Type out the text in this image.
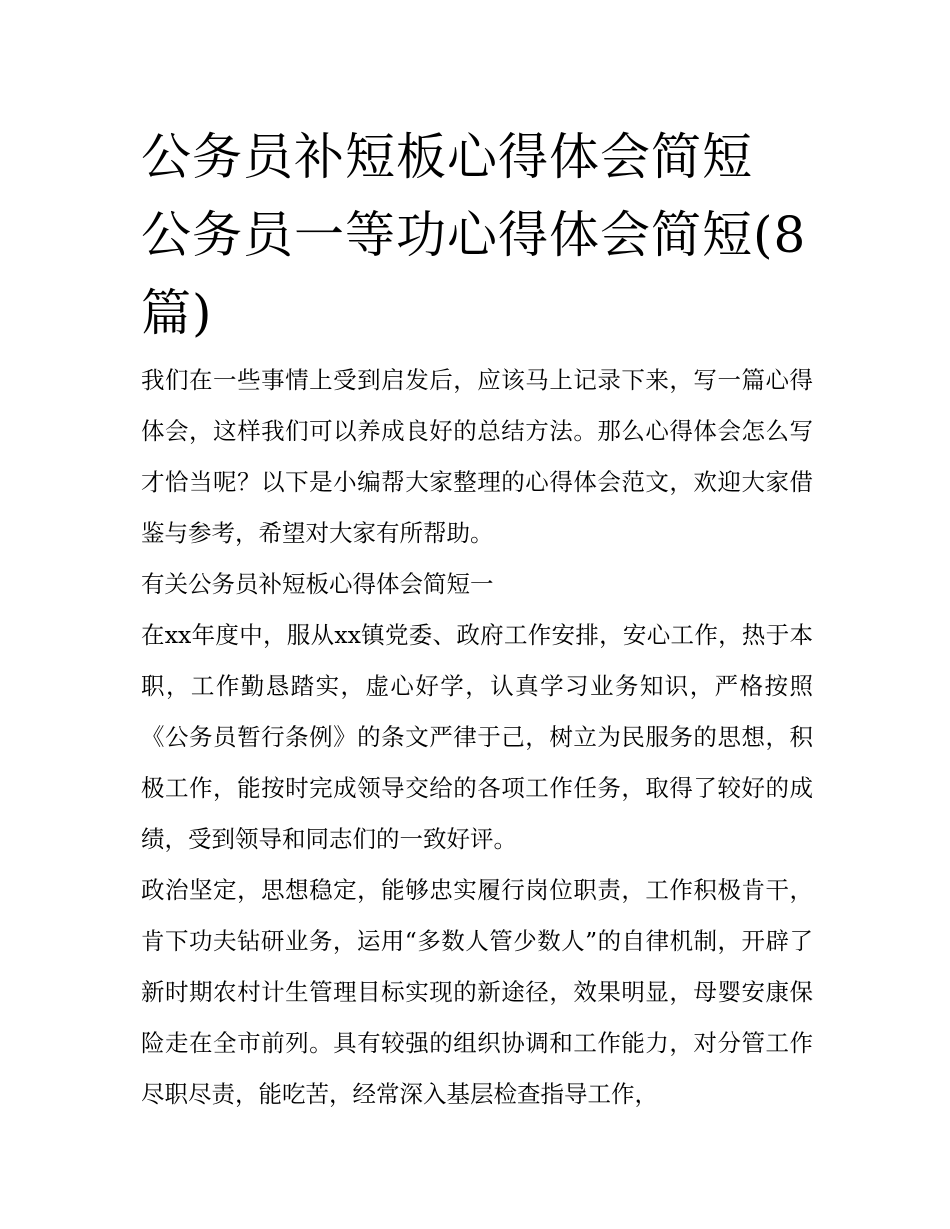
公务员补短板心得体会简短 公务员一等功心得体会简短(8篇)

我们在一些事情上受到启发后，应该马上记录下来，写一篇心得体会，这样我们可以养成良好的总结方法。那么心得体会怎么写才恰当呢？以下是小编帮大家整理的心得体会范文，欢迎大家借鉴与参考，希望对大家有所帮助。

有关公务员补短板心得体会简短一

在xx年度中，服从xx镇党委、政府工作安排，安心工作，热于本职，工作勤恳踏实，虚心好学，认真学习业务知识，严格按照《公务员暂行条例》的条文严律于己，树立为民服务的思想，积极工作，能按时完成领导交给的各项工作任务，取得了较好的成绩，受到领导和同志们的一致好评。

政治坚定，思想稳定，能够忠实履行岗位职责，工作积极肯干，肯下功夫钻研业务，运用“多数人管少数人”的自律机制，开辟了新时期农村计生管理目标实现的新途径，效果明显，母婴安康保险走在全市前列。具有较强的组织协调和工作能力，对分管工作尽职尽责，能吃苦，经常深入基层检查指导工作，
